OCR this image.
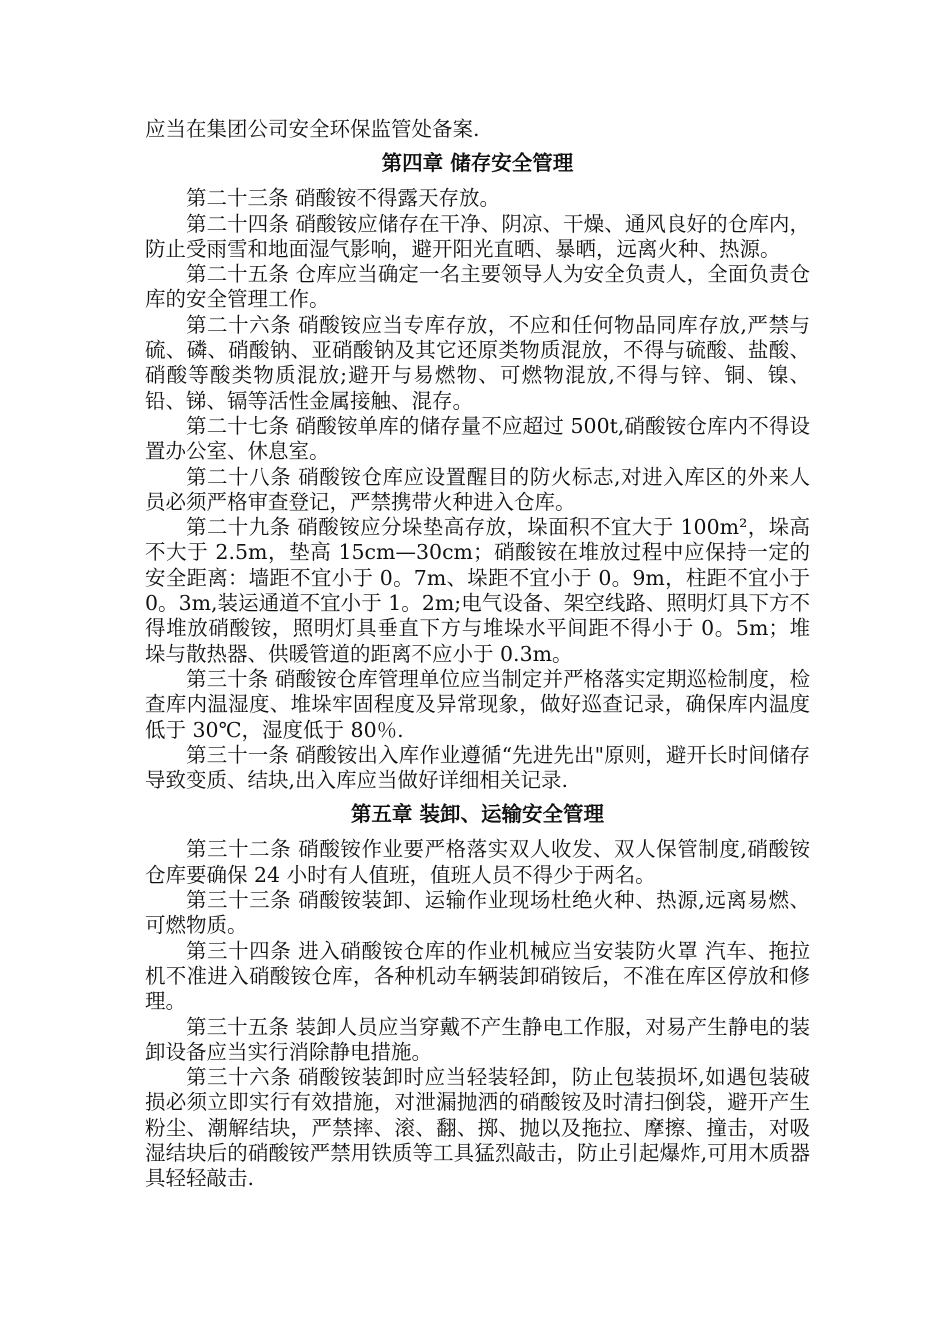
应当在集团公司安全环保监管处备案.

第四章 储存安全管理

第二十三条 硝酸铵不得露天存放。

第二十四条 硝酸铵应储存在干净、阴凉、干燥、通风良好的仓库内，防止受雨雪和地面湿气影响，避开阳光直晒、暴晒，远离火种、热源。

第二十五条 仓库应当确定一名主要领导人为安全负责人，全面负责仓库的安全管理工作。

第二十六条 硝酸铵应当专库存放，不应和任何物品同库存放,严禁与硫、磷、硝酸钠、亚硝酸钠及其它还原类物质混放，不得与硫酸、盐酸、硝酸等酸类物质混放;避开与易燃物、可燃物混放,不得与锌、铜、镍、铅、锑、镉等活性金属接触、混存。

第二十七条 硝酸铵单库的储存量不应超过 500t,硝酸铵仓库内不得设置办公室、休息室。

第二十八条 硝酸铵仓库应设置醒目的防火标志,对进入库区的外来人员必须严格审查登记，严禁携带火种进入仓库。

第二十九条 硝酸铵应分垛垫高存放，垛面积不宜大于 100m²，垛高不大于 2.5m，垫高 15cm—30cm；硝酸铵在堆放过程中应保持一定的安全距离：墙距不宜小于 0。7m、垛距不宜小于 0。9m，柱距不宜小于 0。3m,装运通道不宜小于 1。2m;电气设备、架空线路、照明灯具下方不得堆放硝酸铵，照明灯具垂直下方与堆垛水平间距不得小于 0。5m；堆垛与散热器、供暖管道的距离不应小于 0.3m。

第三十条 硝酸铵仓库管理单位应当制定并严格落实定期巡检制度，检查库内温湿度、堆垛牢固程度及异常现象，做好巡查记录，确保库内温度低于 30℃，湿度低于 80％.

第三十一条 硝酸铵出入库作业遵循“先进先出"原则，避开长时间储存导致变质、结块,出入库应当做好详细相关记录.

第五章 装卸、运输安全管理

第三十二条 硝酸铵作业要严格落实双人收发、双人保管制度,硝酸铵仓库要确保 24 小时有人值班，值班人员不得少于两名。

第三十三条 硝酸铵装卸、运输作业现场杜绝火种、热源,远离易燃、可燃物质。

第三十四条 进入硝酸铵仓库的作业机械应当安装防火罩 汽车、拖拉机不准进入硝酸铵仓库，各种机动车辆装卸硝铵后，不准在库区停放和修理。

第三十五条 装卸人员应当穿戴不产生静电工作服，对易产生静电的装卸设备应当实行消除静电措施。

第三十六条 硝酸铵装卸时应当轻装轻卸，防止包装损坏,如遇包装破损必须立即实行有效措施，对泄漏抛洒的硝酸铵及时清扫倒袋，避开产生粉尘、潮解结块，严禁摔、滚、翻、掷、抛以及拖拉、摩擦、撞击，对吸湿结块后的硝酸铵严禁用铁质等工具猛烈敲击，防止引起爆炸,可用木质器具轻轻敲击.
